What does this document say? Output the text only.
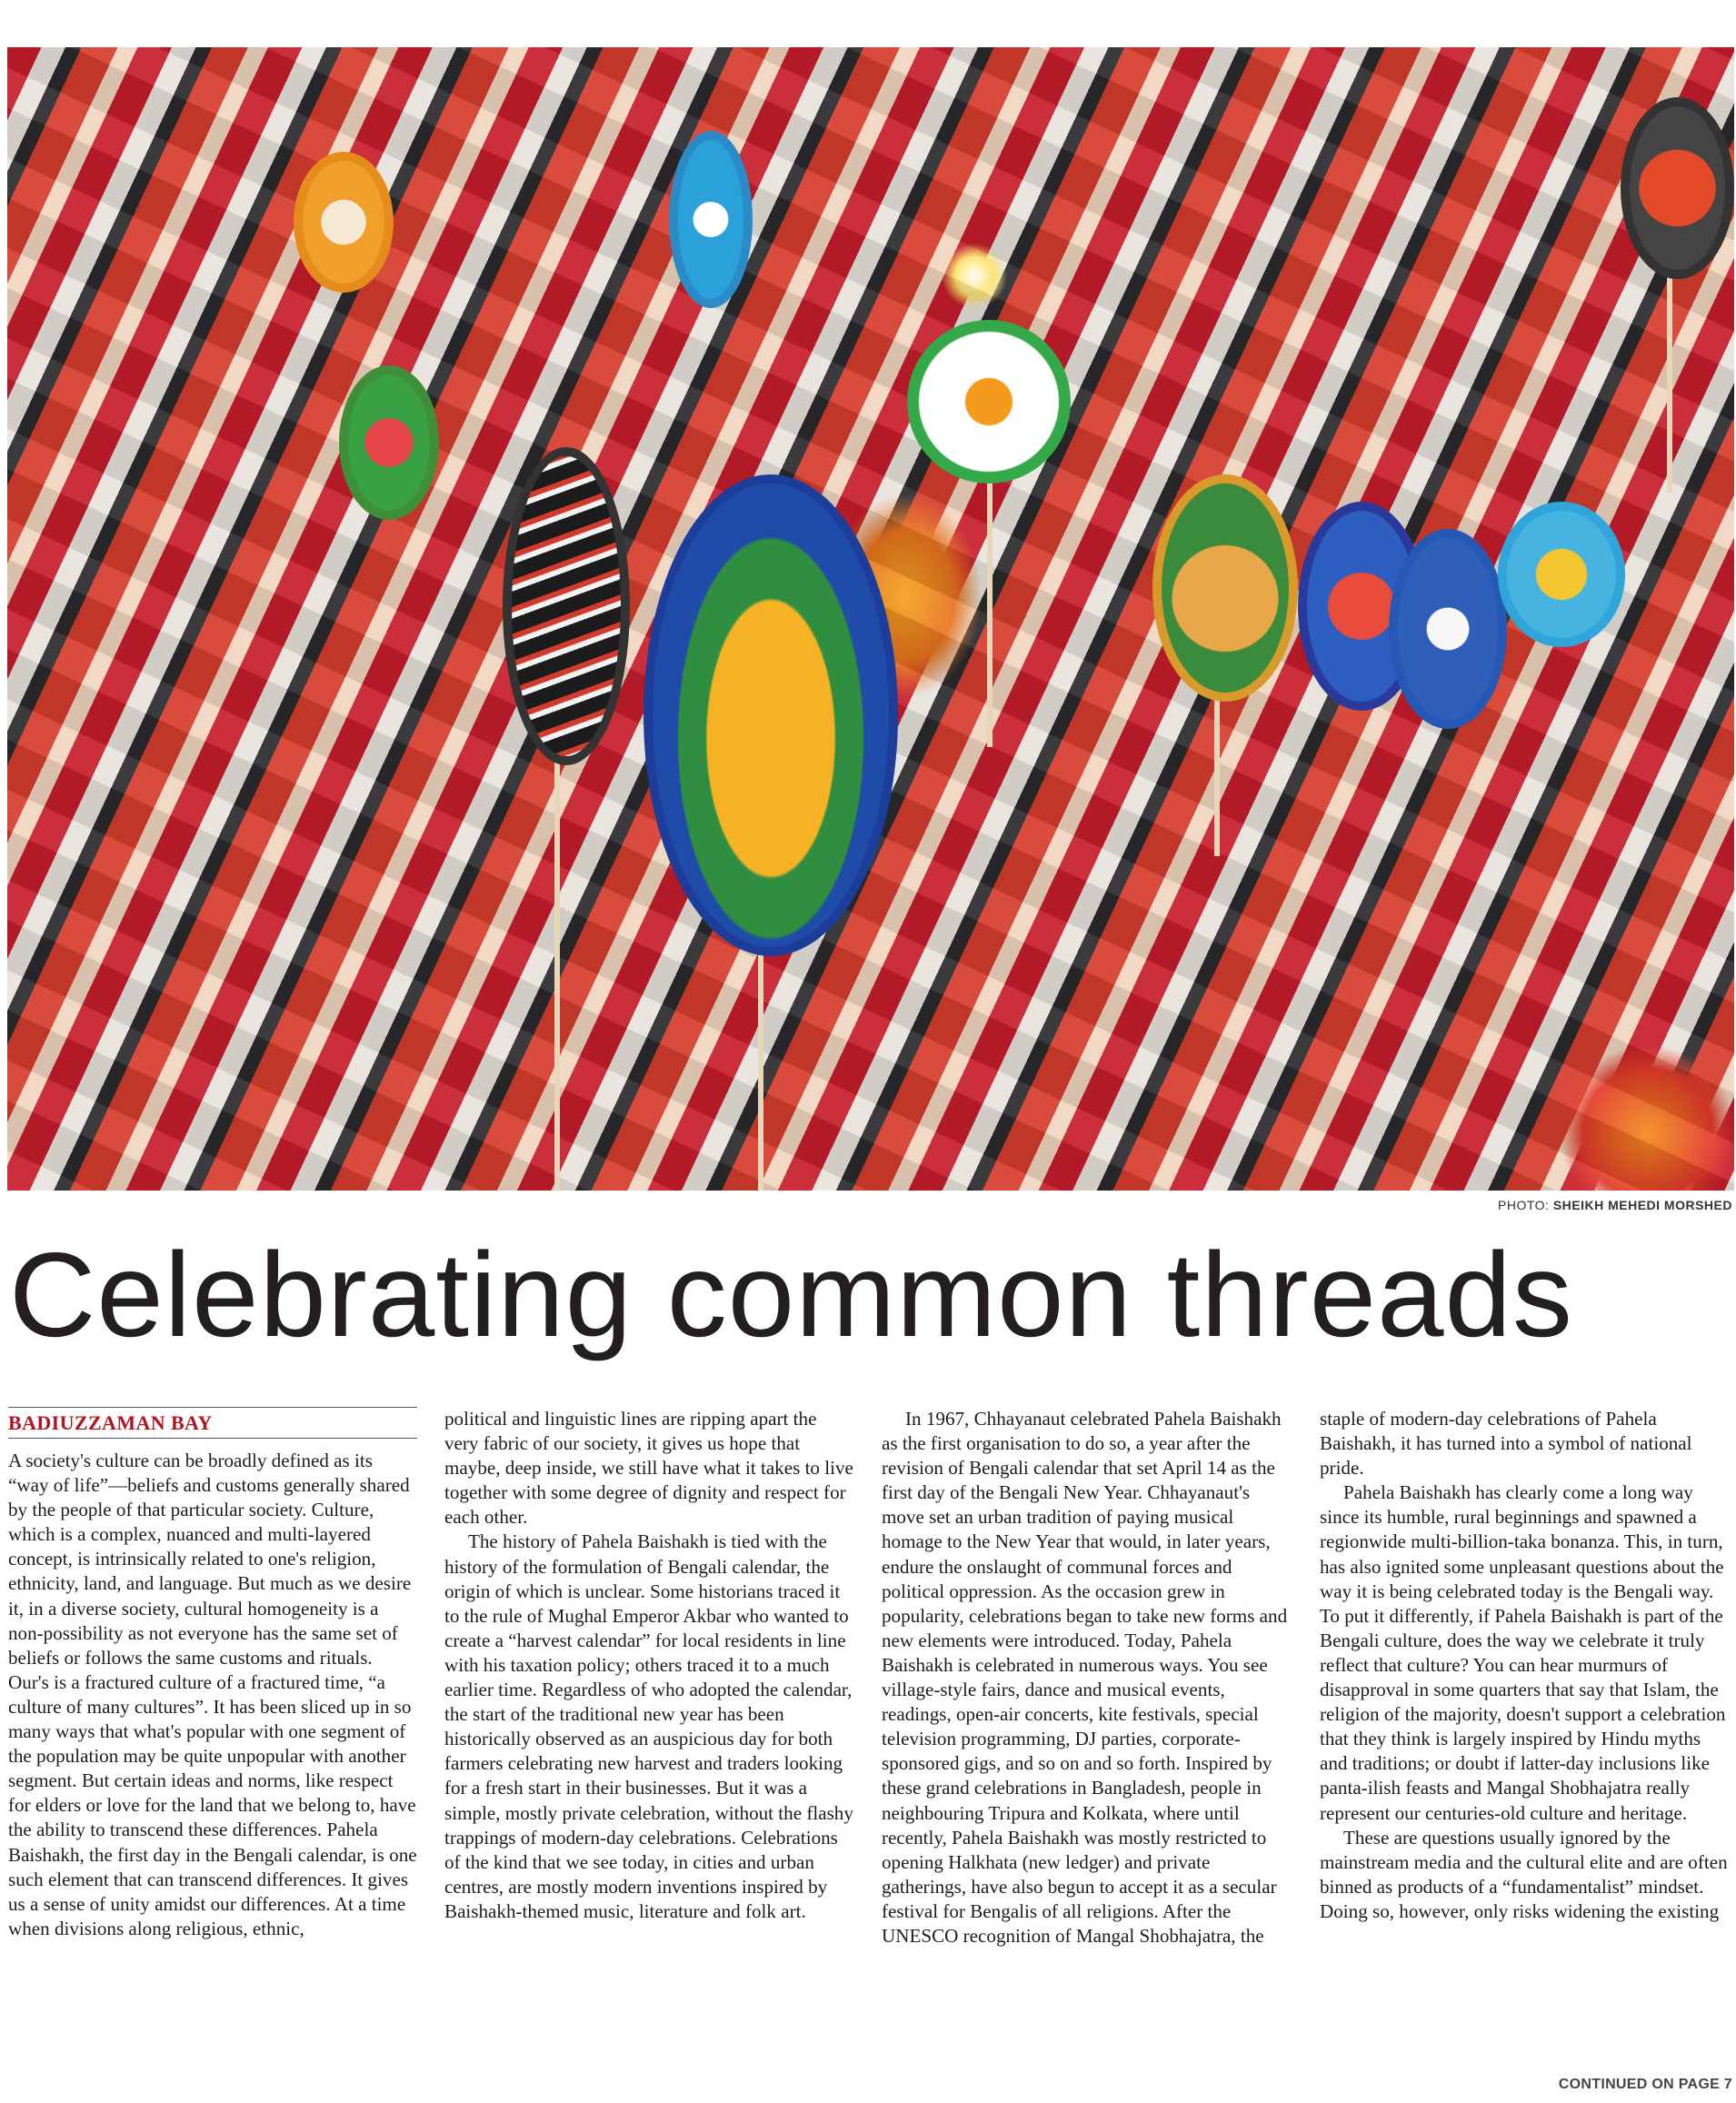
PHOTO: SHEIKH MEHEDI MORSHED
Celebrating common threads
BADIUZZAMAN BAY

A society's culture can be broadly defined as its “way of life”—beliefs and customs generally shared by the people of that particular society. Culture, which is a complex, nuanced and multi-layered concept, is intrinsically related to one's religion, ethnicity, land, and language. But much as we desire it, in a diverse society, cultural homogeneity is a non-possibility as not everyone has the same set of beliefs or follows the same customs and rituals. Our's is a fractured culture of a fractured time, “a culture of many cultures”. It has been sliced up in so many ways that what's popular with one segment of the population may be quite unpopular with another segment. But certain ideas and norms, like respect for elders or love for the land that we belong to, have the ability to transcend these differences. Pahela Baishakh, the first day in the Bengali calendar, is one such element that can transcend differences. It gives us a sense of unity amidst our differences. At a time when divisions along religious, ethnic,

political and linguistic lines are ripping apart the very fabric of our society, it gives us hope that maybe, deep inside, we still have what it takes to live together with some degree of dignity and respect for each other.

The history of Pahela Baishakh is tied with the history of the formulation of Bengali calendar, the origin of which is unclear. Some historians traced it to the rule of Mughal Emperor Akbar who wanted to create a “harvest calendar” for local residents in line with his taxation policy; others traced it to a much earlier time. Regardless of who adopted the calendar, the start of the traditional new year has been historically observed as an auspicious day for both farmers celebrating new harvest and traders looking for a fresh start in their businesses. But it was a simple, mostly private celebration, without the flashy trappings of modern-day celebrations. Celebrations of the kind that we see today, in cities and urban centres, are mostly modern inventions inspired by Baishakh-themed music, literature and folk art.

In 1967, Chhayanaut celebrated Pahela Baishakh as the first organisation to do so, a year after the revision of Bengali calendar that set April 14 as the first day of the Bengali New Year. Chhayanaut's move set an urban tradition of paying musical homage to the New Year that would, in later years, endure the onslaught of communal forces and political oppression. As the occasion grew in popularity, celebrations began to take new forms and new elements were introduced. Today, Pahela Baishakh is celebrated in numerous ways. You see village-style fairs, dance and musical events, readings, open-air concerts, kite festivals, special television programming, DJ parties, corporate-sponsored gigs, and so on and so forth. Inspired by these grand celebrations in Bangladesh, people in neighbouring Tripura and Kolkata, where until recently, Pahela Baishakh was mostly restricted to opening Halkhata (new ledger) and private gatherings, have also begun to accept it as a secular festival for Bengalis of all religions. After the UNESCO recognition of Mangal Shobhajatra, the

staple of modern-day celebrations of Pahela Baishakh, it has turned into a symbol of national pride.

Pahela Baishakh has clearly come a long way since its humble, rural beginnings and spawned a regionwide multi-billion-taka bonanza. This, in turn, has also ignited some unpleasant questions about the way it is being celebrated today is the Bengali way. To put it differently, if Pahela Baishakh is part of the Bengali culture, does the way we celebrate it truly reflect that culture? You can hear murmurs of disapproval in some quarters that say that Islam, the religion of the majority, doesn't support a celebration that they think is largely inspired by Hindu myths and traditions; or doubt if latter-day inclusions like panta-ilish feasts and Mangal Shobhajatra really represent our centuries-old culture and heritage.

These are questions usually ignored by the mainstream media and the cultural elite and are often binned as products of a “fundamentalist” mindset. Doing so, however, only risks widening the existing

CONTINUED ON PAGE 7
